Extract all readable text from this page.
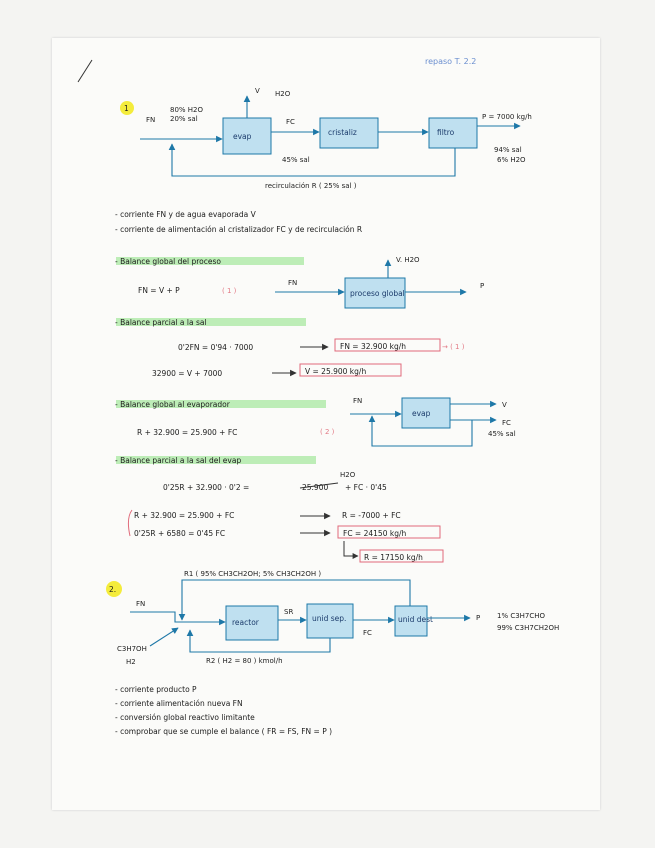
repaso T. 2.2
1
FN
80% H2O
20% sal
evap
V H2O
FC
45% sal
cristaliz	filtro
P = 7000 kg/h
94% sal
6% H2O
recirculación R ( 25% sal )
- corriente FN y de agua evaporada V
- corriente de alimentación al cristalizador FC y de recirculación R
- Balance global del proceso
FN = V + P	( 1 )
FN
proceso global
V. H2O
P
- Balance parcial a la sal
0'2FN = 0'94 · 7000	FN = 32.900 kg/h	→ ( 1 )
32900 = V + 7000	V = 25.900 kg/h
- Balance global al evaporador
R + 32.900 = 25.900 + FC	( 2 )
FN
evap
V
FC
45% sal
- Balance parcial a la sal del evap
H2O
0'25R + 32.900 · 0'2 =	25.900 + FC · 0'45
R + 32.900 = 25.900 + FC
0'25R + 6580 = 0'45 FC
R = -7000 + FC
FC = 24150 kg/h
R = 17150 kg/h
2.
R1 ( 95% CH3CH2OH; 5% CH3CH2OH )
FN
C3H7OH
H2
reactor
SR
unid sep.
FC
unid dest	P 1% C3H7CHO
99% C3H7CH2OH
R2 ( H2 = 80 ) kmol/h
- corriente producto P
- corriente alimentación nueva FN
- conversión global reactivo limitante
- comprobar que se cumple el balance ( FR = FS, FN = P )
